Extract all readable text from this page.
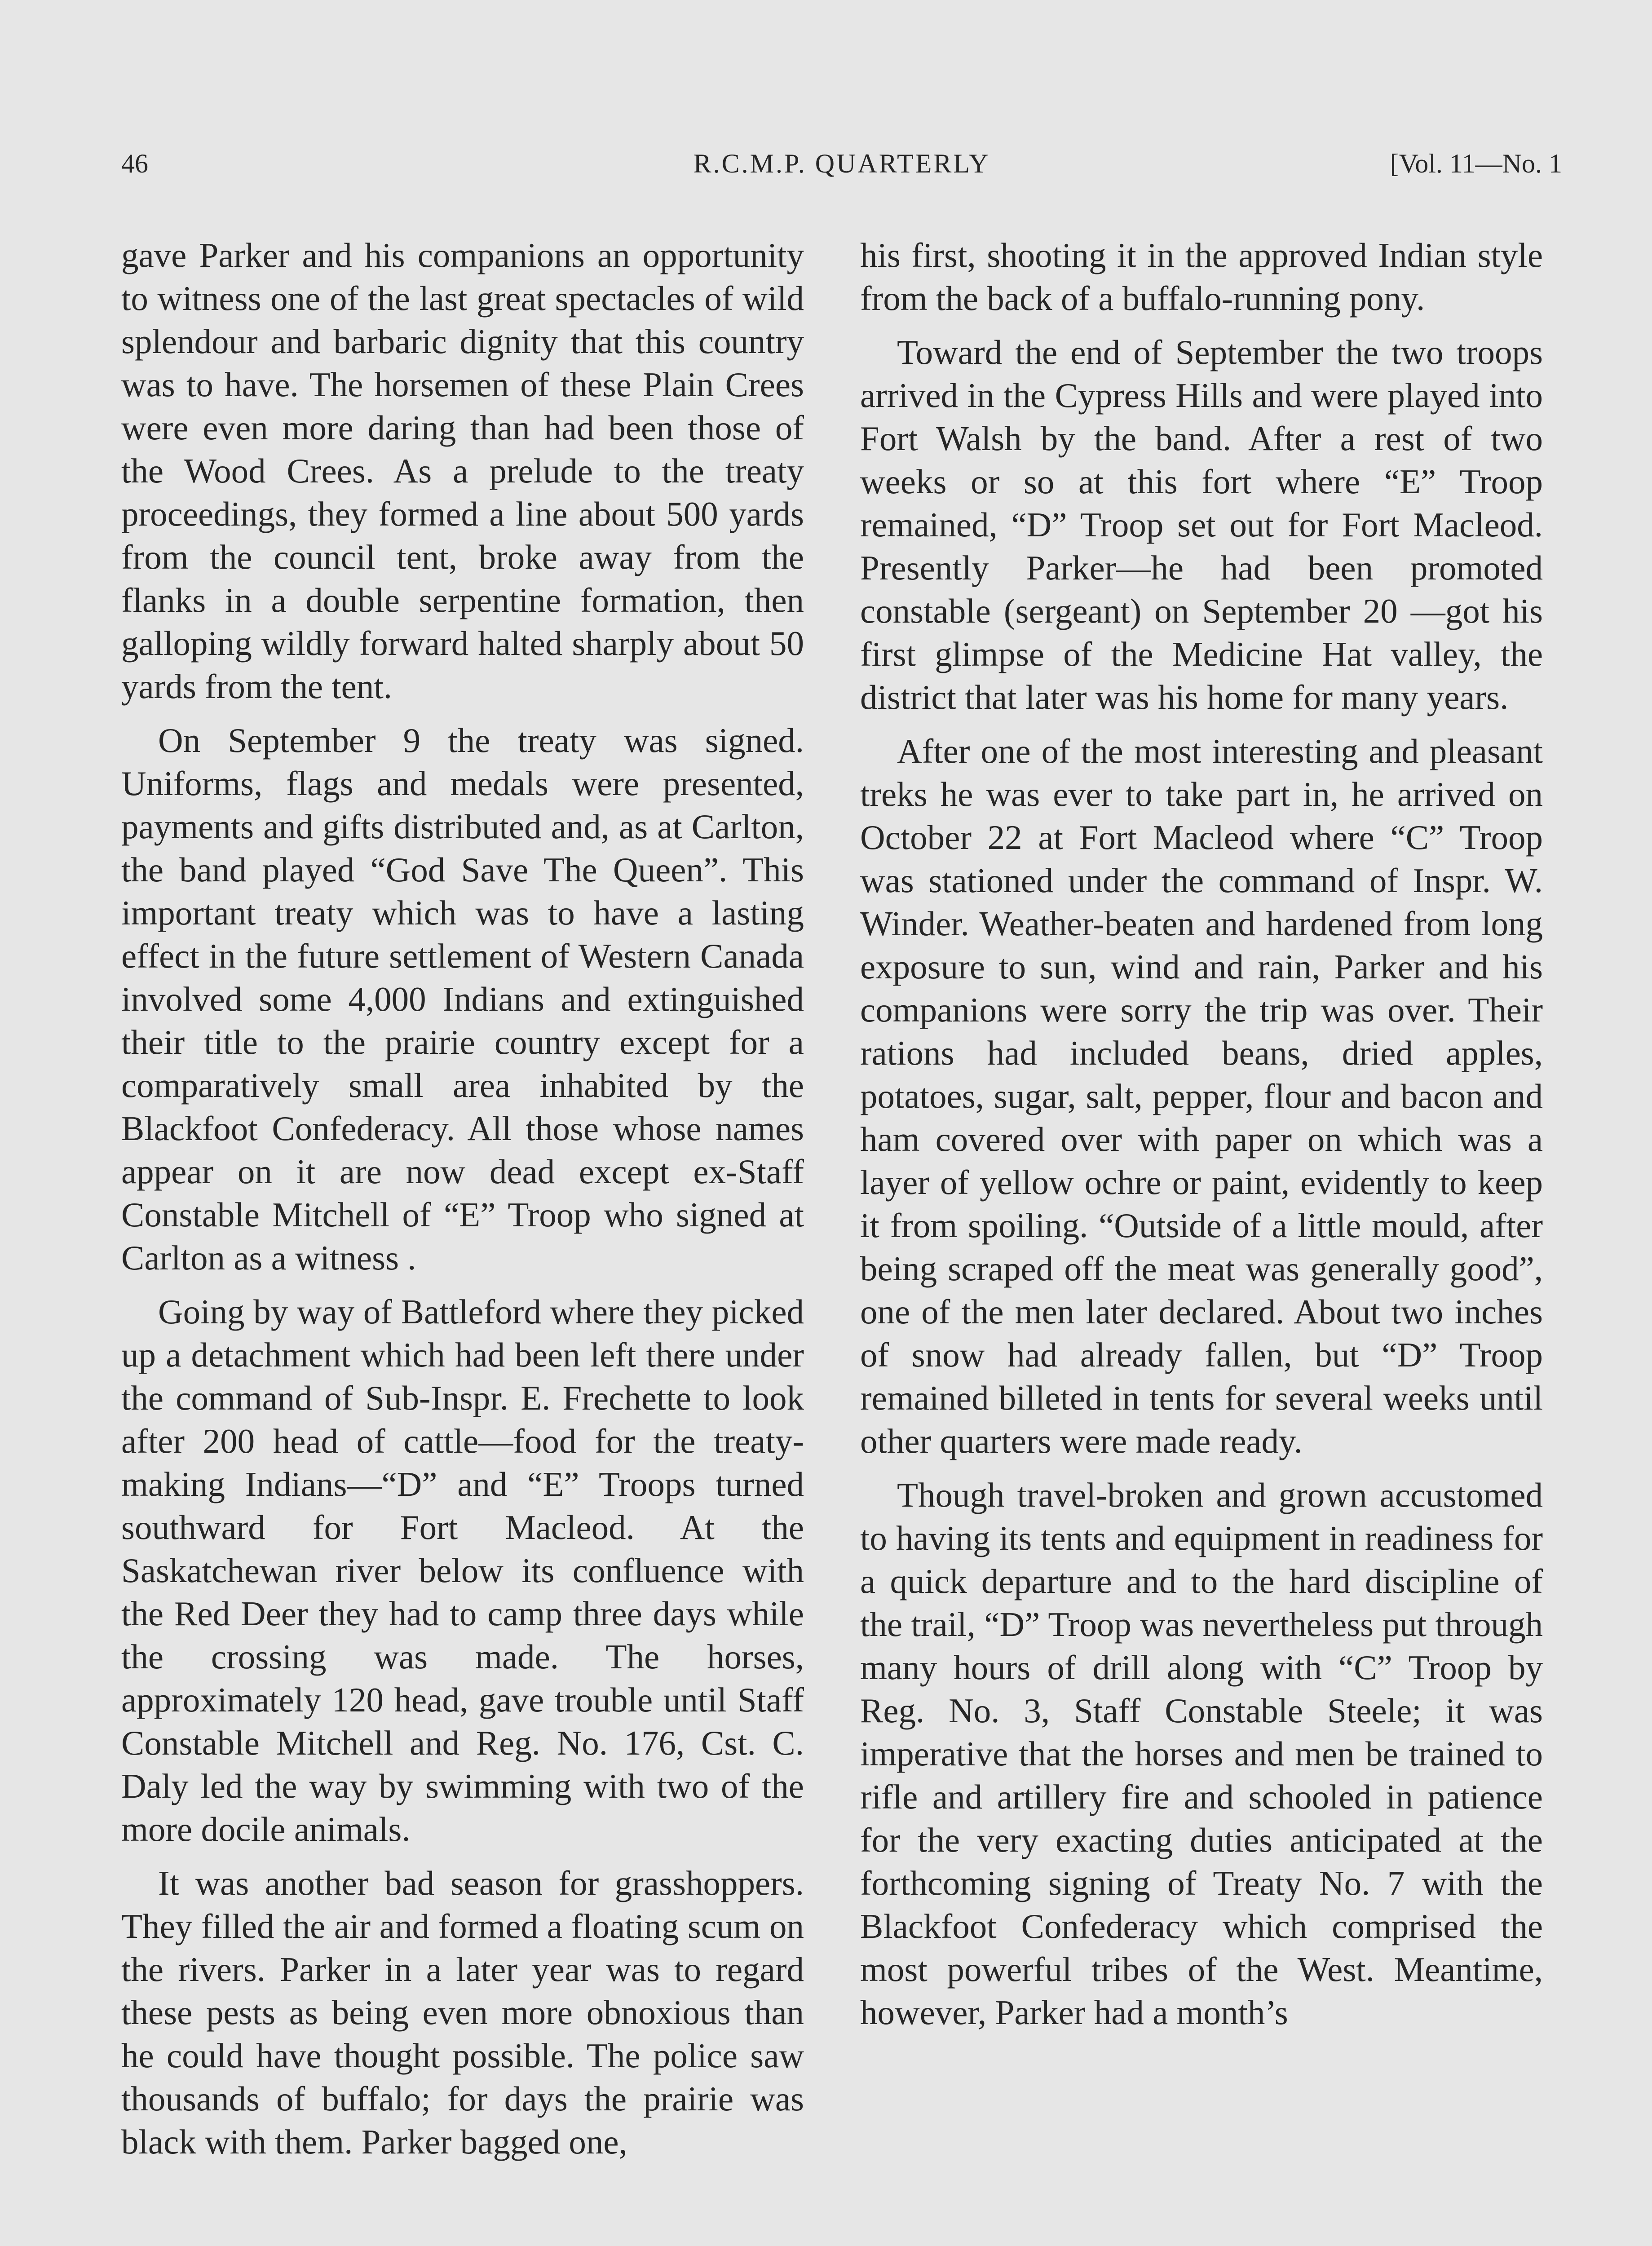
46	R.C.M.P. QUARTERLY	[Vol. 11—No. 1

gave Parker and his companions an opportunity to witness one of the last great spectacles of wild splendour and barbaric dignity that this country was to have. The horsemen of these Plain Crees were even more daring than had been those of the Wood Crees. As a prelude to the treaty proceedings, they formed a line about 500 yards from the council tent, broke away from the flanks in a double serpentine formation, then galloping wildly forward halted sharply about 50 yards from the tent.

On September 9 the treaty was signed. Uniforms, flags and medals were presented, payments and gifts distributed and, as at Carlton, the band played “God Save The Queen”. This important treaty which was to have a lasting effect in the future settlement of Western Canada involved some 4,000 Indians and extinguished their title to the prairie country except for a comparatively small area inhabited by the Blackfoot Confederacy. All those whose names appear on it are now dead except ex-Staff Constable Mitchell of “E” Troop who signed at Carlton as a witness .

Going by way of Battleford where they picked up a detachment which had been left there under the command of Sub-Inspr. E. Frechette to look after 200 head of cattle—food for the treaty-making Indians—“D” and “E” Troops turned southward for Fort Macleod. At the Saskatchewan river below its confluence with the Red Deer they had to camp three days while the crossing was made. The horses, approximately 120 head, gave trouble until Staff Constable Mitchell and Reg. No. 176, Cst. C. Daly led the way by swimming with two of the more docile animals.

It was another bad season for grasshoppers. They filled the air and formed a floating scum on the rivers. Parker in a later year was to regard these pests as being even more obnoxious than he could have thought possible. The police saw thousands of buffalo; for days the prairie was black with them. Parker bagged one,

his first, shooting it in the approved Indian style from the back of a buffalo-running pony.

Toward the end of September the two troops arrived in the Cypress Hills and were played into Fort Walsh by the band. After a rest of two weeks or so at this fort where “E” Troop remained, “D” Troop set out for Fort Macleod. Presently Parker—he had been promoted constable (sergeant) on September 20 —got his first glimpse of the Medicine Hat valley, the district that later was his home for many years.

After one of the most interesting and pleasant treks he was ever to take part in, he arrived on October 22 at Fort Macleod where “C” Troop was stationed under the command of Inspr. W. Winder. Weather-beaten and hardened from long exposure to sun, wind and rain, Parker and his companions were sorry the trip was over. Their rations had included beans, dried apples, potatoes, sugar, salt, pepper, flour and bacon and ham covered over with paper on which was a layer of yellow ochre or paint, evidently to keep it from spoiling. “Outside of a little mould, after being scraped off the meat was generally good”, one of the men later declared. About two inches of snow had already fallen, but “D” Troop remained billeted in tents for several weeks until other quarters were made ready.

Though travel-broken and grown accustomed to having its tents and equipment in readiness for a quick departure and to the hard discipline of the trail, “D” Troop was nevertheless put through many hours of drill along with “C” Troop by Reg. No. 3, Staff Constable Steele; it was imperative that the horses and men be trained to rifle and artillery fire and schooled in patience for the very exacting duties anticipated at the forthcoming signing of Treaty No. 7 with the Blackfoot Confederacy which comprised the most powerful tribes of the West. Meantime, however, Parker had a month’s
